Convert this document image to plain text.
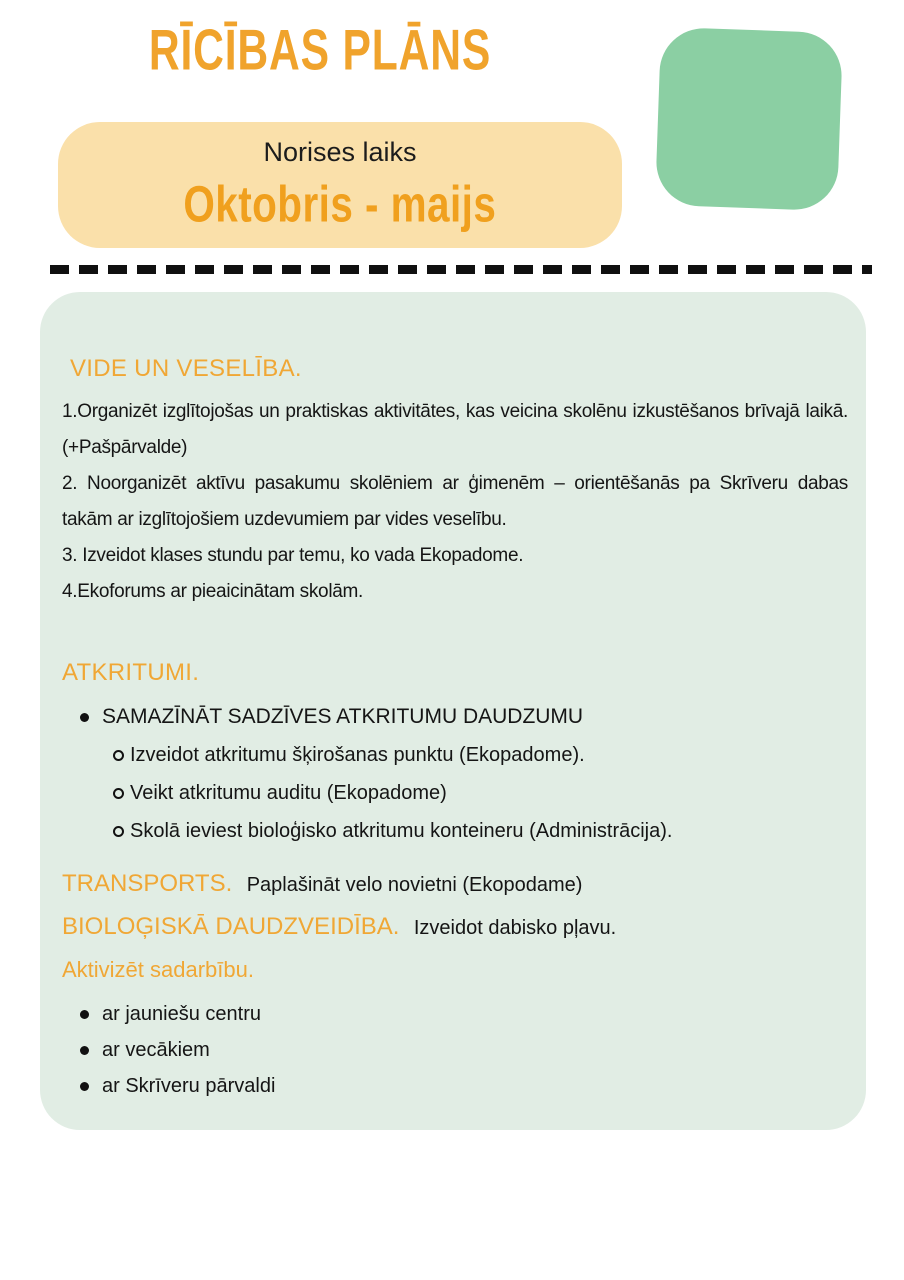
RĪCĪBAS PLĀNS
Norises laiks
Oktobris - maijs
VIDE UN VESELĪBA.

1.Organizēt izglītojošas un praktiskas aktivitātes, kas veicina skolēnu izkustēšanos brīvajā laikā. (+Pašpārvalde)

2. Noorganizēt aktīvu pasakumu skolēniem ar ģimenēm – orientēšanās pa Skrīveru dabas takām ar izglītojošiem uzdevumiem par vides veselību.

3. Izveidot klases stundu par temu, ko vada Ekopadome.

4.Ekoforums ar pieaicinātam skolām.

ATKRITUMI.
SAMAZĪNĀT SADZĪVES ATKRITUMU DAUDZUMU
Izveidot atkritumu šķirošanas punktu (Ekopadome).
Veikt atkritumu auditu (Ekopadome)
Skolā ieviest bioloģisko atkritumu konteineru (Administrācija).
TRANSPORTS. Paplašināt velo novietni (Ekopodame)
BIOLOĢISKĀ DAUDZVEIDĪBA. Izveidot dabisko pļavu.
Aktivizēt sadarbību.
ar jauniešu centru
ar vecākiem
ar Skrīveru pārvaldi
